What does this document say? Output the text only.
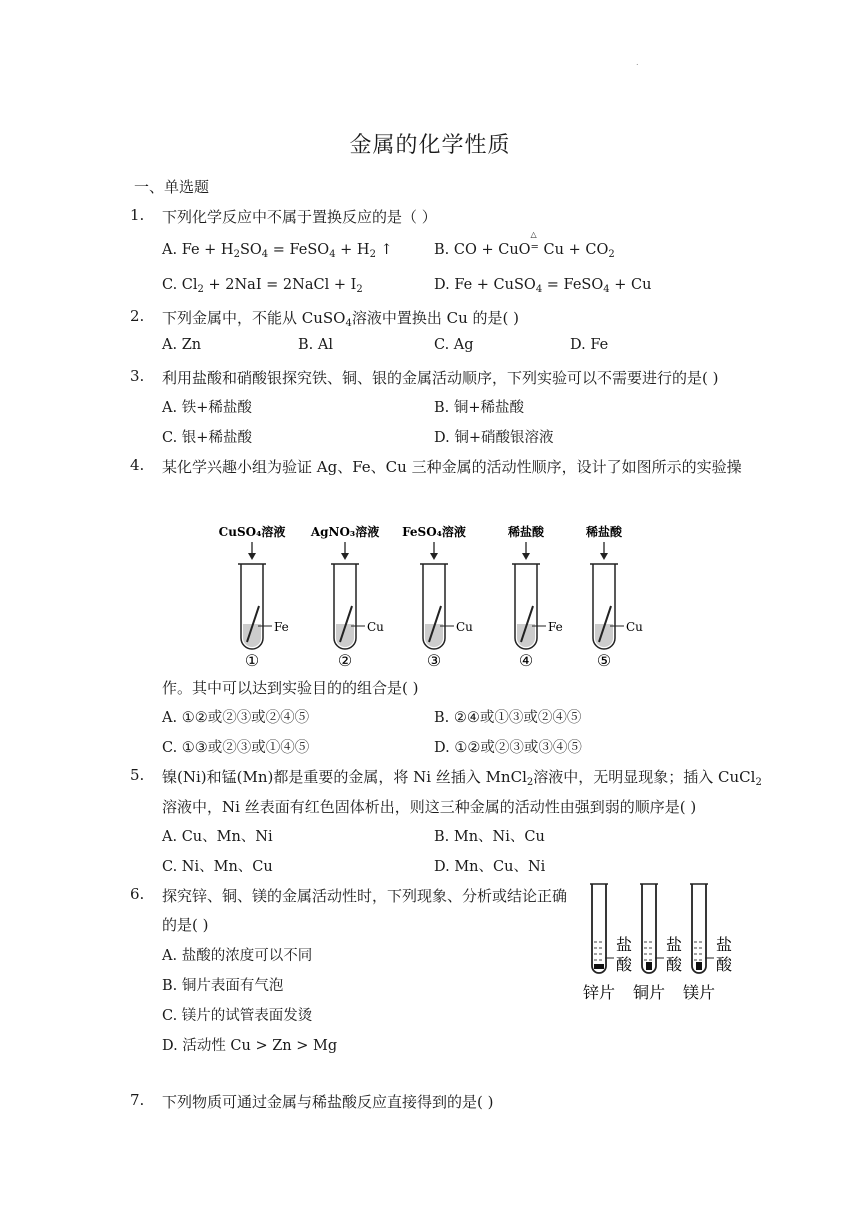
.
金属的化学性质
一、单选题
1. 下列化学反应中不属于置换反应的是（ ）
A. $Fe + H_2SO_4$ = FeSO$_4$ + $H_2$ ↑	B. CO + CuO
△
= $Cu + CO_2$
C. $Cl_2 + 2NaI$ = 2NaCl + $I_2$	D. Fe + CuSO$_4$ = FeSO$_4$ + Cu
2. 下列金属中，不能从 CuSO$_4$溶液中置换出 Cu 的是( )
A. Zn	B. Al	C. Ag	D. Fe
3. 利用盐酸和硝酸银探究铁、铜、银的金属活动顺序，下列实验可以不需要进行的是( )
A. 铁+稀盐酸	B. 铜+稀盐酸
C. 银+稀盐酸	D. 铜+硝酸银溶液
4. 某化学兴趣小组为验证 Ag、Fe、Cu 三种金属的活动性顺序，设计了如图所示的实验操
CuSO₄溶液
Fe
①
AgNO₃溶液
Cu
②
FeSO₄溶液
Cu
③
稀盐酸
Fe
④
稀盐酸
Cu
⑤
作。其中可以达到实验目的的组合是( )
A. ①②或②③或②④⑤	B. ②④或①③或②④⑤
C. ①③或②③或①④⑤	D. ①②或②③或③④⑤
5. 镍(Ni)和锰(Mn)都是重要的金属，将 Ni 丝插入 MnCl$_2$溶液中，无明显现象；插入 CuCl$_2$
溶液中，Ni 丝表面有红色固体析出，则这三种金属的活动性由强到弱的顺序是( )
A. Cu、Mn、Ni	B. Mn、Ni、Cu
C. Ni、Mn、Cu	D. Mn、Cu、Ni
6. 探究锌、铜、镁的金属活动性时，下列现象、分析或结论正确
的是( )
A. 盐酸的浓度可以不同
B. 铜片表面有气泡
C. 镁片的试管表面发烫
D. 活动性 Cu > Zn > Mg
盐
酸
锌片
盐
酸
铜片
盐
酸
镁片
7. 下列物质可通过金属与稀盐酸反应直接得到的是( )
